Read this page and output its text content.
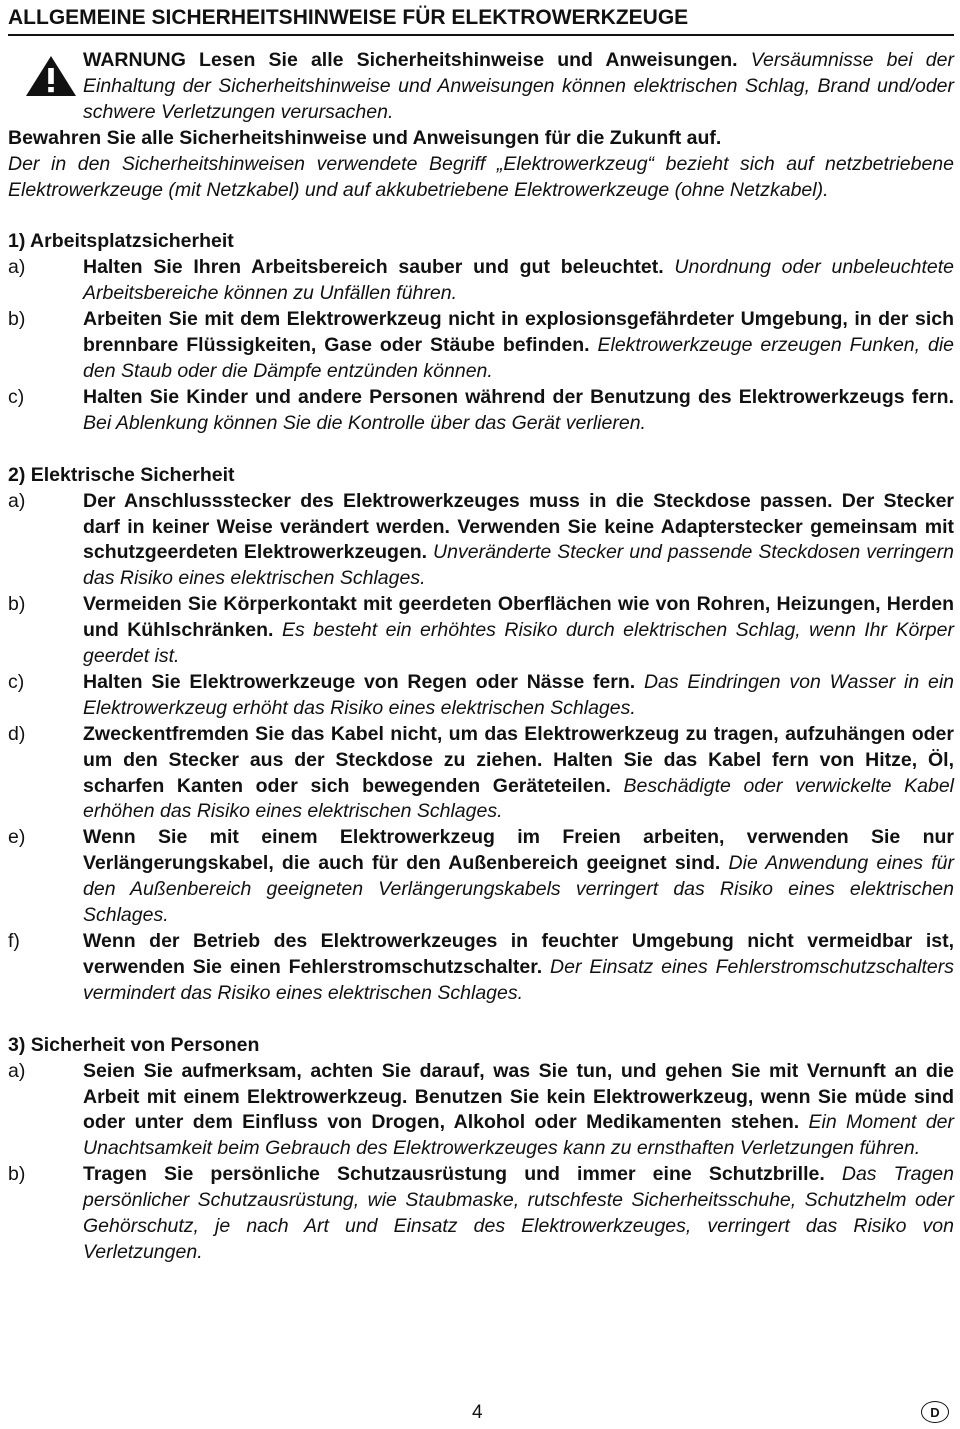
ALLGEMEINE SICHERHEITSHINWEISE FÜR ELEKTROWERKZEUGE
WARNUNG Lesen Sie alle Sicherheitshinweise und Anweisungen. Versäumnisse bei der Einhaltung der Sicherheitshinweise und Anweisungen können elektrischen Schlag, Brand und/oder schwere Verletzungen verursachen.

Bewahren Sie alle Sicherheitshinweise und Anweisungen für die Zukunft auf.

Der in den Sicherheitshinweisen verwendete Begriff „Elektrowerkzeug“ bezieht sich auf netzbetriebene Elektrowerkzeuge (mit Netzkabel) und auf akkubetriebene Elektrowerkzeuge (ohne Netzkabel).

1) Arbeitsplatzsicherheit

a)	Halten Sie Ihren Arbeitsbereich sauber und gut beleuchtet. Unordnung oder unbeleuchtete Arbeitsbereiche können zu Unfällen führen.
b)	Arbeiten Sie mit dem Elektrowerkzeug nicht in explosionsgefährdeter Umgebung, in der sich brennbare Flüssigkeiten, Gase oder Stäube befinden. Elektrowerkzeuge erzeugen Funken, die den Staub oder die Dämpfe entzünden können.
c)	Halten Sie Kinder und andere Personen während der Benutzung des Elektrowerkzeugs fern. Bei Ablenkung können Sie die Kontrolle über das Gerät verlieren.

2) Elektrische Sicherheit

a)	Der Anschlussstecker des Elektrowerkzeuges muss in die Steckdose passen. Der Stecker darf in keiner Weise verändert werden. Verwenden Sie keine Adapterstecker gemeinsam mit schutzgeerdeten Elektrowerkzeugen. Unveränderte Stecker und passende Steckdosen verringern das Risiko eines elektrischen Schlages.
b)	Vermeiden Sie Körperkontakt mit geerdeten Oberflächen wie von Rohren, Heizungen, Herden und Kühlschränken. Es besteht ein erhöhtes Risiko durch elektrischen Schlag, wenn Ihr Körper geerdet ist.
c)	Halten Sie Elektrowerkzeuge von Regen oder Nässe fern. Das Eindringen von Wasser in ein Elektrowerkzeug erhöht das Risiko eines elektrischen Schlages.
d)	Zweckentfremden Sie das Kabel nicht, um das Elektrowerkzeug zu tragen, aufzuhängen oder um den Stecker aus der Steckdose zu ziehen. Halten Sie das Kabel fern von Hitze, Öl, scharfen Kanten oder sich bewegenden Geräteteilen. Beschädigte oder verwickelte Kabel erhöhen das Risiko eines elektrischen Schlages.
e)	Wenn Sie mit einem Elektrowerkzeug im Freien arbeiten, verwenden Sie nur Verlängerungskabel, die auch für den Außenbereich geeignet sind. Die Anwendung eines für den Außenbereich geeigneten Verlängerungskabels verringert das Risiko eines elektrischen Schlages.
f)	Wenn der Betrieb des Elektrowerkzeuges in feuchter Umgebung nicht vermeidbar ist, verwenden Sie einen Fehlerstromschutzschalter. Der Einsatz eines Fehlerstromschutzschalters vermindert das Risiko eines elektrischen Schlages.

3) Sicherheit von Personen

a)	Seien Sie aufmerksam, achten Sie darauf, was Sie tun, und gehen Sie mit Vernunft an die Arbeit mit einem Elektrowerkzeug. Benutzen Sie kein Elektrowerkzeug, wenn Sie müde sind oder unter dem Einfluss von Drogen, Alkohol oder Medikamenten stehen. Ein Moment der Unachtsamkeit beim Gebrauch des Elektrowerkzeuges kann zu ernsthaften Verletzungen führen.
b)	Tragen Sie persönliche Schutzausrüstung und immer eine Schutzbrille. Das Tragen persönlicher Schutzausrüstung, wie Staubmaske, rutschfeste Sicherheitsschuhe, Schutzhelm oder Gehörschutz, je nach Art und Einsatz des Elektrowerkzeuges, verringert das Risiko von Verletzungen.
4	D
